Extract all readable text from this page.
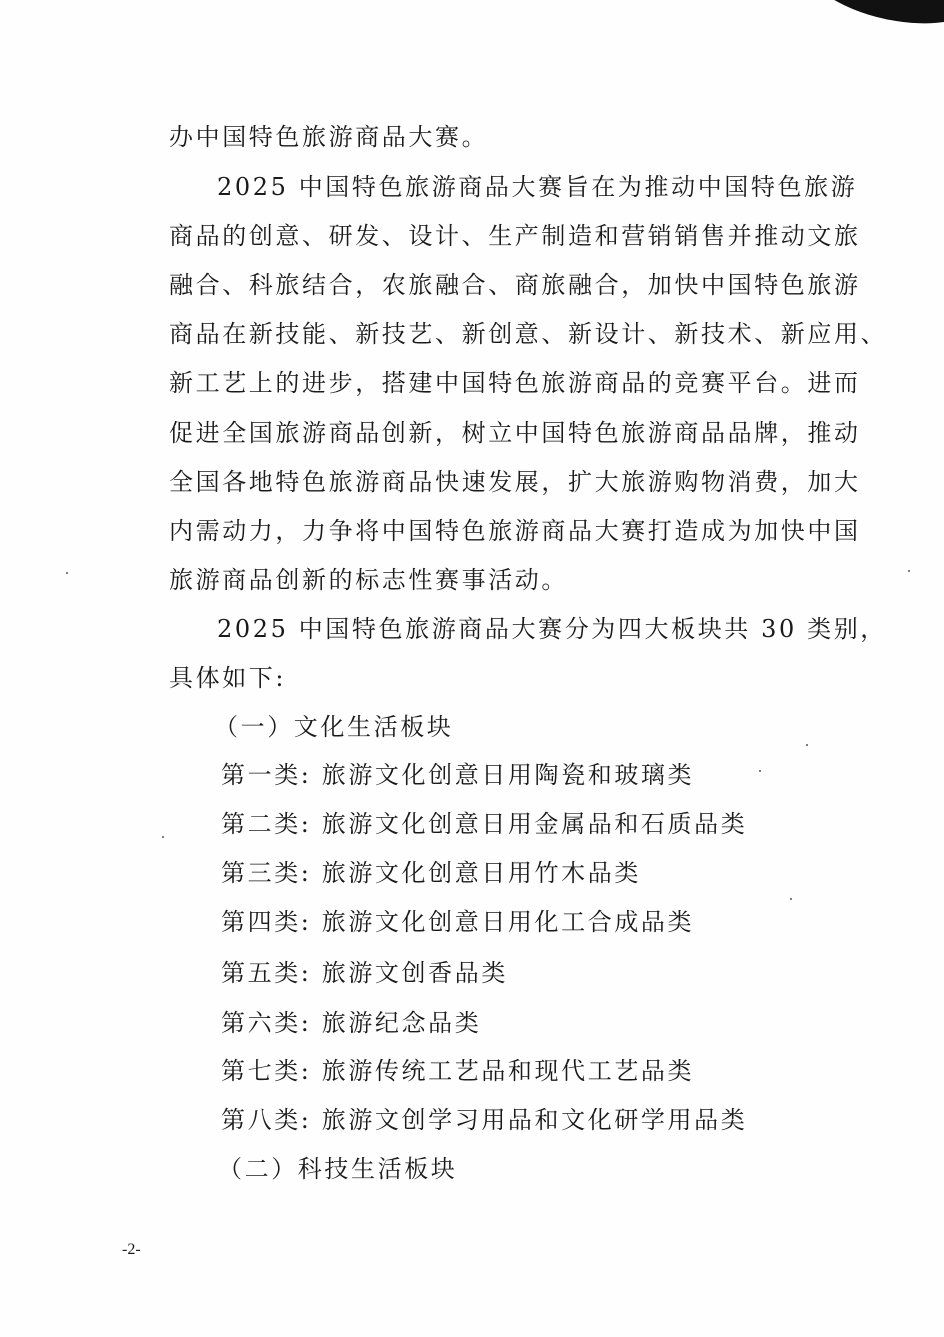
办中国特色旅游商品大赛。
2025 中国特色旅游商品大赛旨在为推动中国特色旅游
商品的创意、研发、设计、生产制造和营销销售并推动文旅
融合、科旅结合，农旅融合、商旅融合，加快中国特色旅游
商品在新技能、新技艺、新创意、新设计、新技术、新应用、
新工艺上的进步，搭建中国特色旅游商品的竞赛平台。进而
促进全国旅游商品创新，树立中国特色旅游商品品牌，推动
全国各地特色旅游商品快速发展，扩大旅游购物消费，加大
内需动力，力争将中国特色旅游商品大赛打造成为加快中国
旅游商品创新的标志性赛事活动。
2025 中国特色旅游商品大赛分为四大板块共 30 类别，
具体如下:
（一）文化生活板块
第一类: 旅游文化创意日用陶瓷和玻璃类
第二类: 旅游文化创意日用金属品和石质品类
第三类: 旅游文化创意日用竹木品类
第四类: 旅游文化创意日用化工合成品类
第五类: 旅游文创香品类
第六类: 旅游纪念品类
第七类: 旅游传统工艺品和现代工艺品类
第八类: 旅游文创学习用品和文化研学用品类
（二）科技生活板块
-2-
